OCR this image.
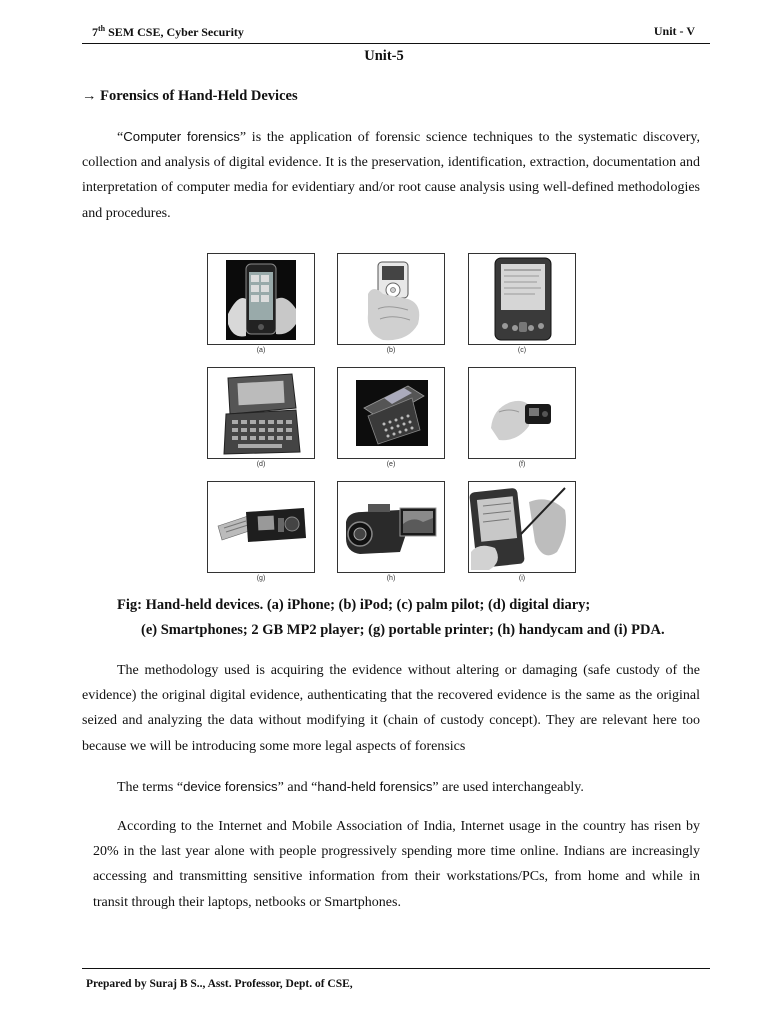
7th SEM CSE, Cyber Security	Unit - V
Unit-5
→ Forensics of Hand-Held Devices

“Computer forensics” is the application of forensic science techniques to the systematic discovery, collection and analysis of digital evidence. It is the preservation, identification, extraction, documentation and interpretation of computer media for evidentiary and/or root cause analysis using well-defined methodologies and procedures.

(a)	(b)	(c)
(d)	(e)	(f)
(g)	(h)	(i)
Fig: Hand-held devices. (a) iPhone; (b) iPod; (c) palm pilot; (d) digital diary;
(e) Smartphones; 2 GB MP2 player; (g) portable printer; (h) handycam and (i) PDA.

The methodology used is acquiring the evidence without altering or damaging (safe custody of the evidence) the original digital evidence, authenticating that the recovered evidence is the same as the original seized and analyzing the data without modifying it (chain of custody concept). They are relevant here too because we will be introducing some more legal aspects of forensics

The terms “device forensics” and “hand-held forensics” are used interchangeably.

According to the Internet and Mobile Association of India, Internet usage in the country has risen by 20% in the last year alone with people progressively spending more time online. Indians are increasingly accessing and transmitting sensitive information from their workstations/PCs, from home and while in transit through their laptops, netbooks or Smartphones.

Prepared by Suraj B S.., Asst. Professor, Dept. of CSE,
